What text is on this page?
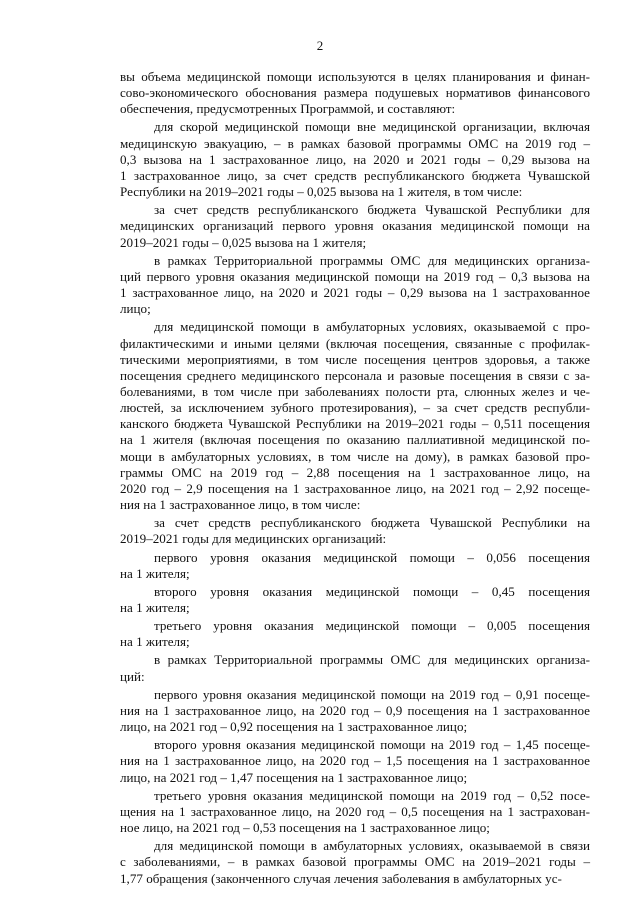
2

вы объема медицинской помощи используются в целях планирования и финан-
сово-экономического обоснования размера подушевых нормативов финансового
обеспечения, предусмотренных Программой, и составляют:

для скорой медицинской помощи вне медицинской организации, включая
медицинскую эвакуацию, – в рамках базовой программы ОМС на 2019 год –
0,3 вызова на 1 застрахованное лицо, на 2020 и 2021 годы – 0,29 вызова на
1 застрахованное лицо, за счет средств республиканского бюджета Чувашской
Республики на 2019–2021 годы – 0,025 вызова на 1 жителя, в том числе:

за счет средств республиканского бюджета Чувашской Республики для
медицинских организаций первого уровня оказания медицинской помощи на
2019–2021 годы – 0,025 вызова на 1 жителя;

в рамках Территориальной программы ОМС для медицинских организа-
ций первого уровня оказания медицинской помощи на 2019 год – 0,3 вызова на
1 застрахованное лицо, на 2020 и 2021 годы – 0,29 вызова на 1 застрахованное
лицо;

для медицинской помощи в амбулаторных условиях, оказываемой с про-
филактическими и иными целями (включая посещения, связанные с профилак-
тическими мероприятиями, в том числе посещения центров здоровья, а также
посещения среднего медицинского персонала и разовые посещения в связи с за-
болеваниями, в том числе при заболеваниях полости рта, слюнных желез и че-
люстей, за исключением зубного протезирования), – за счет средств республи-
канского бюджета Чувашской Республики на 2019–2021 годы – 0,511 посещения
на 1 жителя (включая посещения по оказанию паллиативной медицинской по-
мощи в амбулаторных условиях, в том числе на дому), в рамках базовой про-
граммы ОМС на 2019 год – 2,88 посещения на 1 застрахованное лицо, на
2020 год – 2,9 посещения на 1 застрахованное лицо, на 2021 год – 2,92 посеще-
ния на 1 застрахованное лицо, в том числе:

за счет средств республиканского бюджета Чувашской Республики на
2019–2021 годы для медицинских организаций:

первого уровня оказания медицинской помощи – 0,056 посещения
на 1 жителя;

второго уровня оказания медицинской помощи – 0,45 посещения
на 1 жителя;

третьего уровня оказания медицинской помощи – 0,005 посещения
на 1 жителя;

в рамках Территориальной программы ОМС для медицинских организа-
ций:

первого уровня оказания медицинской помощи на 2019 год – 0,91 посеще-
ния на 1 застрахованное лицо, на 2020 год – 0,9 посещения на 1 застрахованное
лицо, на 2021 год – 0,92 посещения на 1 застрахованное лицо;

второго уровня оказания медицинской помощи на 2019 год – 1,45 посеще-
ния на 1 застрахованное лицо, на 2020 год – 1,5 посещения на 1 застрахованное
лицо, на 2021 год – 1,47 посещения на 1 застрахованное лицо;

третьего уровня оказания медицинской помощи на 2019 год – 0,52 посе-
щения на 1 застрахованное лицо, на 2020 год – 0,5 посещения на 1 застрахован-
ное лицо, на 2021 год – 0,53 посещения на 1 застрахованное лицо;

для медицинской помощи в амбулаторных условиях, оказываемой в связи
с заболеваниями, – в рамках базовой программы ОМС на 2019–2021 годы –
1,77 обращения (законченного случая лечения заболевания в амбулаторных ус-
